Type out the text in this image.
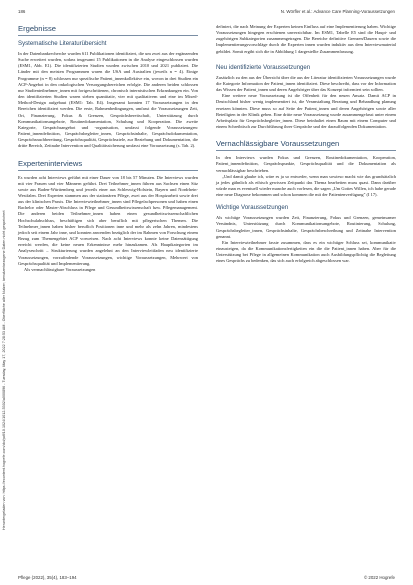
Heruntergeladen von: https://econtent.hogrefe.com/doi/pdf/10.1024/1012-5302/a000896 - Tuesday, May 17, 2022 7:28:53 AM - Oberfläche aller Nutzer; benutzerbezogene Daten nicht gespeichert
186	N. Wörfler et al.: Advance Care Planning-Voraussetzungen
Ergebnisse
Systematische Literaturübersicht

In der Datenbankrecherche wurden 611 Publikationen identifiziert, die um zwei aus der ergänzenden Suche erweitert wurden, sodass insgesamt 15 Publikationen in die Analyse eingeschlossen wurden (ESM1, Abb. E1). Die identifizierten Studien wurden zwischen 2010 und 2021 publiziert. Die Länder mit den meisten Programmen waren die USA und Australien (jeweils n = 4). Einige Programme (n = 8) schlossen nur spezifische Patient_innenkollektive ein, wovon in drei Studien ein ACP-Angebot in den onkologischen Versorgungsbereichen erfolgte. Die anderen beiden schlossen nur Studienteilnehmer_innen mit fortgeschrittenen, chronisch internistischen Erkrankungen ein. Von den identifizierten Studien waren sieben quantitativ, vier mit qualitativem und eine im Mixed-Method-Design aufgebaut (ESM1: Tab. E4). Insgesamt konnten 17 Voraussetzungen in den Bereichen identifiziert werden. Die erste, Rahmenbedingungen, umfasst die Voraussetzungen Zeit, Ort, Finanzierung, Fokus & Grenzen, Gesprächsbereitschaft, Unterstützung durch Kommunikationsangebote, Routinedokumentation, Schulung und Kooperation. Die zweite Kategorie, Gesprächsangebot und -organisation, umfasst folgende Voraussetzungen: Patient_innendefinition, Gesprächsbegleiter_innen, Gesprächsinhalte, Gesprächsdokumentation, Gesprächsnachbereitung, Gesprächsqualität, Gesprächsziele, zur Beziehung und Dokumentation, die dritte Bereich, Zeitnahe Intervention und Qualitätssicherung umfasst eine Voraussetzung (s. Tab. 2).

Experteninterviews

Es wurden acht Interviews geführt mit einer Dauer von 18 bis 57 Minuten. Die Interviews wurden mit vier Frauen und vier Männern geführt. Drei Teilnehmer_innen führen aus Sachsen einen Sitz sowie aus Baden-Württemberg und jeweils einer aus Schleswig-Holstein, Bayern und Nordrhein-Westfalen. Drei Experten stammen aus der stationären Pflege, zwei aus der Hospizarbeit sowie drei aus der klinischen Praxis. Die Interviewteilnehmer_innen sind Pflegefachpersonen und haben einen Bachelor oder Master-Abschluss in Pflege und Gesundheitswissenschaft bzw. Pflegemanagement. Die anderen beiden Teilnehmer_innen haben einen gesundheitswissenschaftlichen Hochschulabschluss, beschäftigen sich aber beruflich mit pflegerischen Themen. Die Teilnehmer_innen haben bisher beruflich Positionen inne und mehr als zehn Jahren, mindestens jedoch seit einem Jahr inne, und konnten anwenden bezüglich der im Rahmen von Forschung einem Bezug zum Themengebiet ACP vorweisen. Nach acht Interviews konnte keine Datensättigung erreicht werden, die keine neuen Erkenntnisse mehr hinzukamen. Als Hauptkategorien im Analyseschritt – Strukturierung wurden angelehnt an den Interviewleitfaden neu identifizierte Voraussetzungen, vorzufindende Voraussetzungen, wichtige Voraussetzungen, Mehrwert von Gesprächsqualität und Implementierung.

Als vermachlässigbare Voraussetzungen

definiert, die nach Meinung der Experten keinen Einfluss auf eine Implementierung haben. Wichtige Voraussetzungen hingegen erschienen unverzichtbar. Im ESM1, Tabelle E5 sind die Haupt- und zugehörigen Subkategorien zusammengetragen. Die Bereiche definitive Grenzen/Dauern sowie die Implementierungsvorschläge durch die Experten innen wurden induktiv aus dem Interviewmaterial gebildet. Somit ergibt sich die in Abbildung 1 dargestellte Zusammenfassung.

Neu identifizierte Voraussetzungen

Zusätzlich zu den aus der Übersicht über die aus der Literatur identifizierten Voraussetzungen wurde die Kategorie Information der Patient_innen identifiziert. Diese beschreibt, dass vor der Information das Wissen der Patient_innen und deren Angehöriger über das Konzept informiert sein sollten.

Eine weitere neue Voraussetzung ist die Offenheit für den neuen Ansatz. Damit ACP in Deutschland bisher wenig implementiert ist, die Veranstaltung Beratung und Behandlung planung ersetzen könnten. Diese muss so auf Seite der Patient_innen und deren Angehörigen sowie aller Beteiligten in der Klinik geben. Eine dritte neue Voraussetzung wurde zusammengefasst unter einem Arbeitsplatz für Gesprächsbegleiter_innen. Diese beinhaltet einen Raum mit einem Computer und einem Schreibtisch zur Durchführung ihrer Gespräche und der darauffolgenden Dokumentation.

Vernachlässigbare Voraussetzungen

In den Interviews wurden Fokus und Grenzen, Routinedokumentation, Kooperation, Patient_innendefinition, Gesprächspunkte, Gesprächsqualität und die Dokumentation als vernachlässigbar beschrieben.

„Und damit glaube ich, wäre es ja so entweder, wenn man sowieso macht wie das grundsätzlich ja jedes gähnlich als ethisch gewissen Zeitpunkt das Thema bearbeiten muss quasi. Dann darüber würde man es eventuell wieder manche auch vorlesen, die sagen „Um Gottes Willen, ich habe gerade eine neue Diagnose bekommen und schon kommen die mit der Patientenverfügung" (I 17).

Wichtige Voraussetzungen

Als wichtige Voraussetzungen wurden Zeit, Finanzierung, Fokus und Grenzen, gemeinsamer Versändnis, Unterstützung durch Kommunikationsangebote, Routinierung, Schulung, Gesprächsbegleiter_innen, Gesprächsinhalte, Gesprächsbeschreibung und Zeitnahe Intervention genannt.

Ein Interviewteilnehmer fasste zusammen, dass es ein wichtiger Schluss sei, kommunikativ einzusteigen, da die Kommunikationsfertigkeiten ein die die Patient_innen haben. Aber für die Unterstützung bei Pflege in allgemeinen Kommunikation auch Ausbildungspflichtig die Begleitung eines Gesprächs zu bedenken, das sich auch erfolgreich abgeschlossen war.

Pflege (2022), 35(4), 183–194	© 2022 Hogrefe
